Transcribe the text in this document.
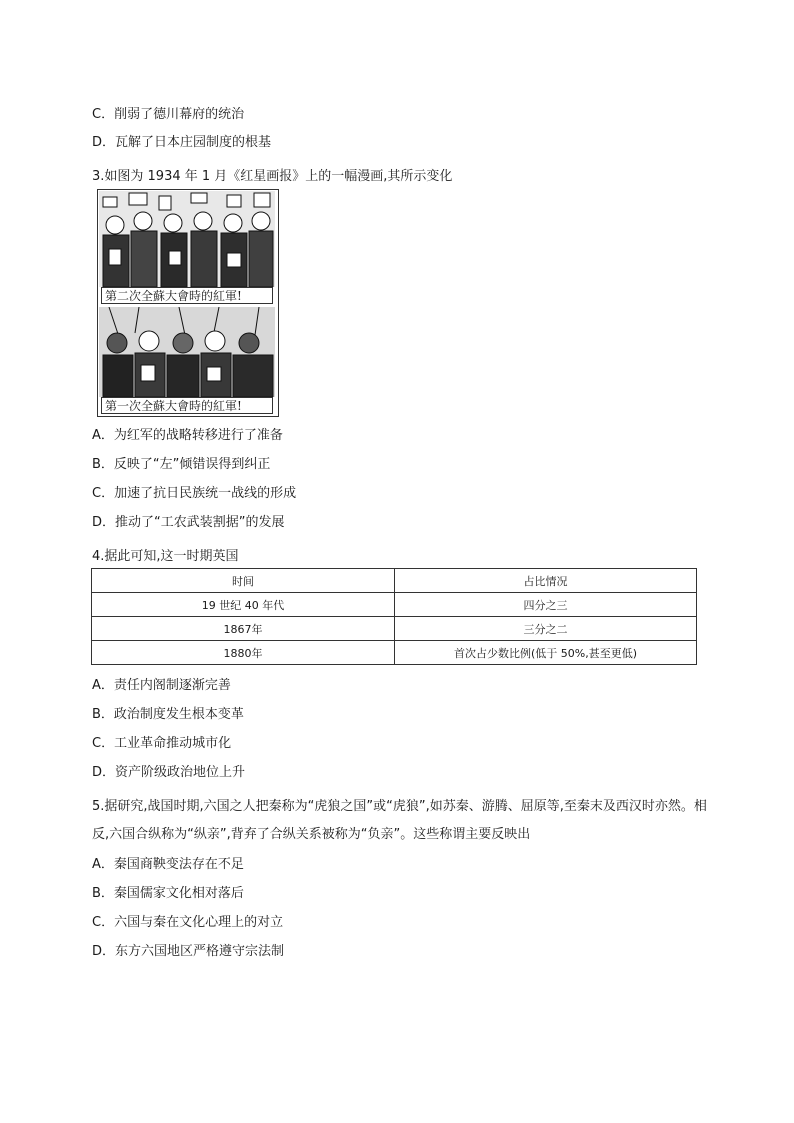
C．削弱了德川幕府的统治
D．瓦解了日本庄园制度的根基
3.如图为 1934 年 1 月《红星画报》上的一幅漫画,其所示变化
第二次全蘇大會時的紅軍!
第一次全蘇大會時的紅軍!
A．为红军的战略转移进行了准备
B．反映了“左”倾错误得到纠正
C．加速了抗日民族统一战线的形成
D．推动了“工农武装割据”的发展
4.据此可知,这一时期英国
时间	占比情况
19 世纪 40 年代	四分之三
1867年	三分之二
1880年	首次占少数比例(低于 50%,甚至更低)
A．责任内阁制逐渐完善
B．政治制度发生根本变革
C．工业革命推动城市化
D．资产阶级政治地位上升
5.据研究,战国时期,六国之人把秦称为“虎狼之国”或“虎狼”,如苏秦、游腾、屈原等,至秦末及西汉时亦然。相反,六国合纵称为“纵亲”,背弃了合纵关系被称为“负亲”。这些称谓主要反映出
A．秦国商鞅变法存在不足
B．秦国儒家文化相对落后
C．六国与秦在文化心理上的对立
D．东方六国地区严格遵守宗法制
